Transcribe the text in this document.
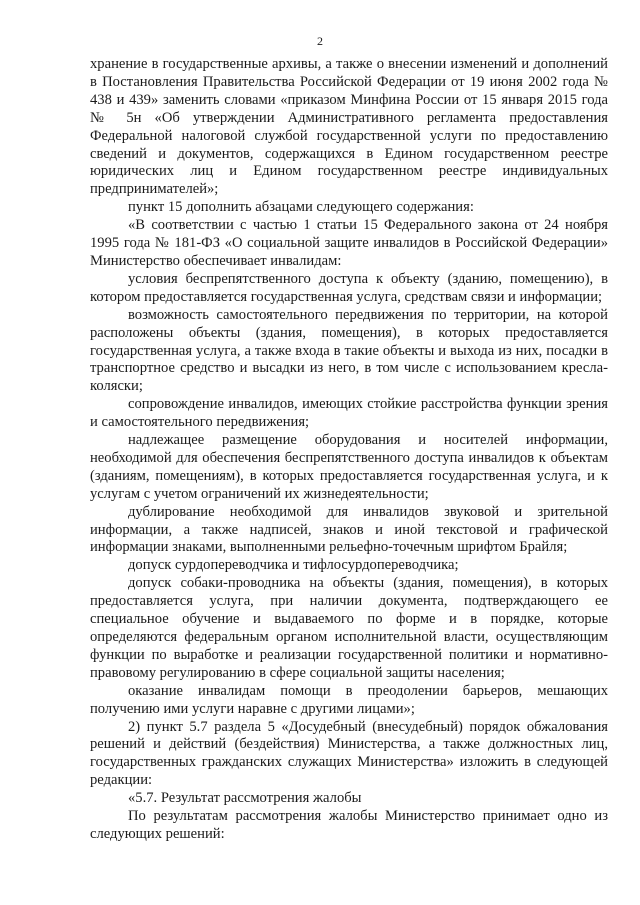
2

хранение в государственные архивы, а также о внесении изменений и дополнений в Постановления Правительства Российской Федерации от 19 июня 2002 года № 438 и 439» заменить словами «приказом Минфина России от 15 января 2015 года № 5н «Об утверждении Административного регламента предоставления Федеральной налоговой службой государственной услуги по предоставлению сведений и документов, содержащихся в Едином государственном реестре юридических лиц и Едином государственном реестре индивидуальных предпринимателей»;

пункт 15 дополнить абзацами следующего содержания:

«В соответствии с частью 1 статьи 15 Федерального закона от 24 ноября 1995 года № 181-ФЗ «О социальной защите инвалидов в Российской Федерации» Министерство обеспечивает инвалидам:

условия беспрепятственного доступа к объекту (зданию, помещению), в котором предоставляется государственная услуга, средствам связи и информации;

возможность самостоятельного передвижения по территории, на которой расположены объекты (здания, помещения), в которых предоставляется государственная услуга, а также входа в такие объекты и выхода из них, посадки в транспортное средство и высадки из него, в том числе с использованием кресла-коляски;

сопровождение инвалидов, имеющих стойкие расстройства функции зрения и самостоятельного передвижения;

надлежащее размещение оборудования и носителей информации, необходимой для обеспечения беспрепятственного доступа инвалидов к объектам (зданиям, помещениям), в которых предоставляется государственная услуга, и к услугам с учетом ограничений их жизнедеятельности;

дублирование необходимой для инвалидов звуковой и зрительной информации, а также надписей, знаков и иной текстовой и графической информации знаками, выполненными рельефно-точечным шрифтом Брайля;

допуск сурдопереводчика и тифлосурдопереводчика;

допуск собаки-проводника на объекты (здания, помещения), в которых предоставляется услуга, при наличии документа, подтверждающего ее специальное обучение и выдаваемого по форме и в порядке, которые определяются федеральным органом исполнительной власти, осуществляющим функции по выработке и реализации государственной политики и нормативно-правовому регулированию в сфере социальной защиты населения;

оказание инвалидам помощи в преодолении барьеров, мешающих получению ими услуги наравне с другими лицами»;

2) пункт 5.7 раздела 5 «Досудебный (внесудебный) порядок обжалования решений и действий (бездействия) Министерства, а также должностных лиц, государственных гражданских служащих Министерства» изложить в следующей редакции:

«5.7. Результат рассмотрения жалобы

По результатам рассмотрения жалобы Министерство принимает одно из следующих решений:
